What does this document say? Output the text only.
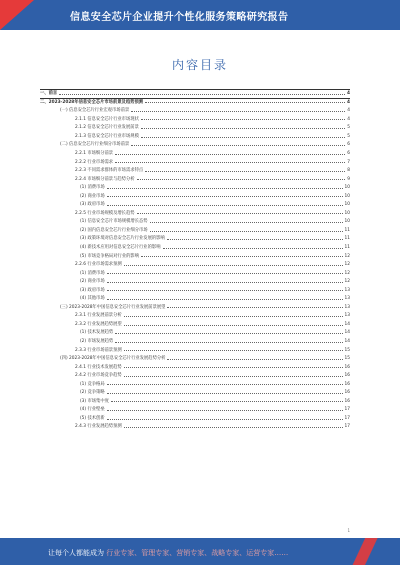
信息安全芯片企业提升个性化服务策略研究报告
内容目录
一、前言	4
二、2023-2028年信息安全芯片市场前景及趋势预测	4
(一) 信息安全芯片行业宏观市场前景	4
2.1.1 信息安全芯片行业市场现状	4
2.1.2 信息安全芯片行业发展前景	5
2.1.3 信息安全芯片行业市场规模	5
(二) 信息安全芯片行业细分市场前景	6
2.2.1 市场细分前景	6
2.2.2 行业市场需求	7
2.2.3 不同需求群体的市场需求特点	8
2.2.4 市场细分前景与趋势分析	9
(1) 消费市场	10
(2) 商业市场	10
(3) 政府市场	10
2.2.5 行业市场规模及增长趋势	10
(1) 信息安全芯片市场规模增长态势	10
(2) 国内信息安全芯片行业细分市场	11
(3) 政策环境对信息安全芯片行业发展的影响	11
(4) 新技术应用对信息安全芯片行业的影响	11
(5) 市场竞争格局对行业的影响	12
2.2.6 行业市场需求预测	12
(1) 消费市场	12
(2) 商业市场	12
(3) 政府市场	13
(4) 其他市场	13
(三) 2023-2028年中国信息安全芯片行业发展前景展望	13
2.3.1 行业发展前景分析	13
2.3.2 行业发展趋势展望	14
(1) 技术发展趋势	14
(2) 市场发展趋势	14
2.3.3 行业市场前景预测	15
(四) 2023-2028年中国信息安全芯片行业发展趋势分析	15
2.4.1 行业技术发展趋势	16
2.4.2 行业市场竞争趋势	16
(1) 竞争格局	16
(2) 竞争策略	16
(3) 市场集中度	16
(4) 行业壁垒	17
(5) 技术创新	17
2.4.3 行业发展趋势预测	17
1
让每个人都能成为 行业专家、管理专家、营销专家、战略专家、运营专家……
